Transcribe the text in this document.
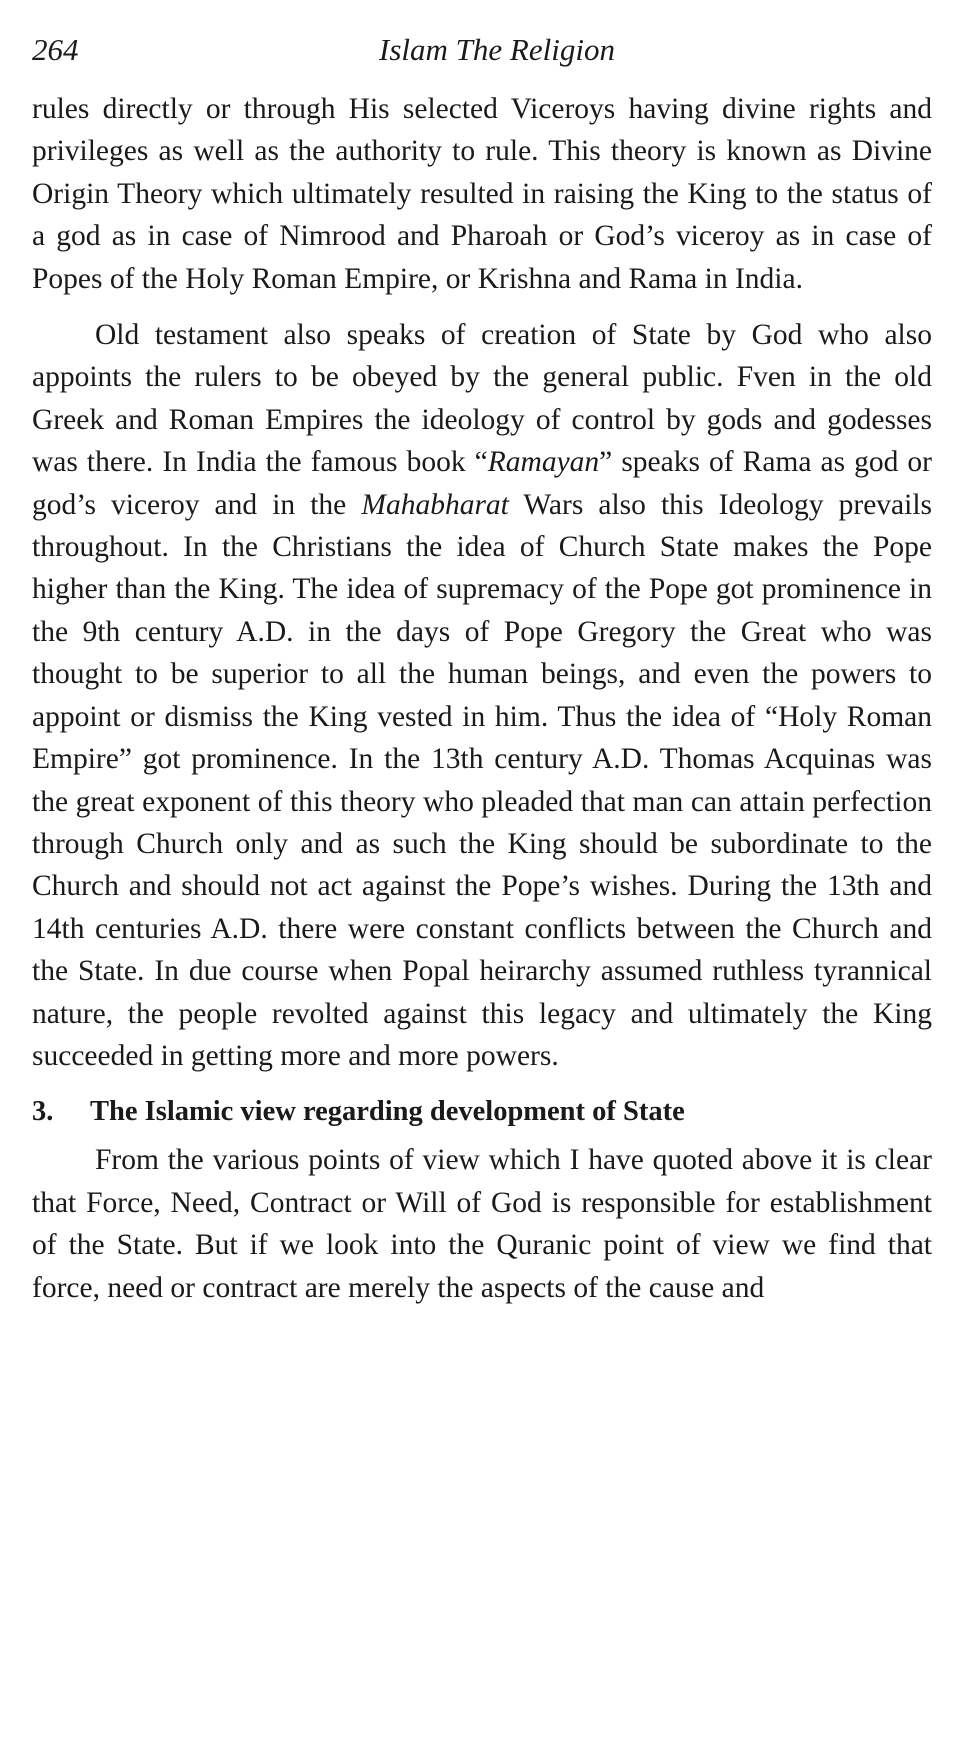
264	Islam The Religion

rules directly or through His selected Viceroys having divine rights and privileges as well as the authority to rule. This theory is known as Divine Origin Theory which ultimately resulted in raising the King to the status of a god as in case of Nimrood and Pharoah or God’s viceroy as in case of Popes of the Holy Roman Empire, or Krishna and Rama in India.

Old testament also speaks of creation of State by God who also appoints the rulers to be obeyed by the general public. Fven in the old Greek and Roman Empires the ideology of control by gods and godesses was there. In India the famous book “Ramayan” speaks of Rama as god or god’s viceroy and in the Mahabharat Wars also this Ideology prevails throughout. In the Christians the idea of Church State makes the Pope higher than the King. The idea of supremacy of the Pope got prominence in the 9th century A.D. in the days of Pope Gregory the Great who was thought to be superior to all the human beings, and even the powers to appoint or dismiss the King vested in him. Thus the idea of “Holy Roman Empire” got prominence. In the 13th century A.D. Thomas Acquinas was the great exponent of this theory who pleaded that man can attain perfection through Church only and as such the King should be subordinate to the Church and should not act against the Pope’s wishes. During the 13th and 14th centuries A.D. there were constant conflicts between the Church and the State. In due course when Popal heirarchy assumed ruthless tyrannical nature, the people revolted against this legacy and ultimately the King succeeded in getting more and more powers.

3. The Islamic view regarding development of State

From the various points of view which I have quoted above it is clear that Force, Need, Contract or Will of God is responsible for establishment of the State. But if we look into the Quranic point of view we find that force, need or contract are merely the aspects of the cause and
